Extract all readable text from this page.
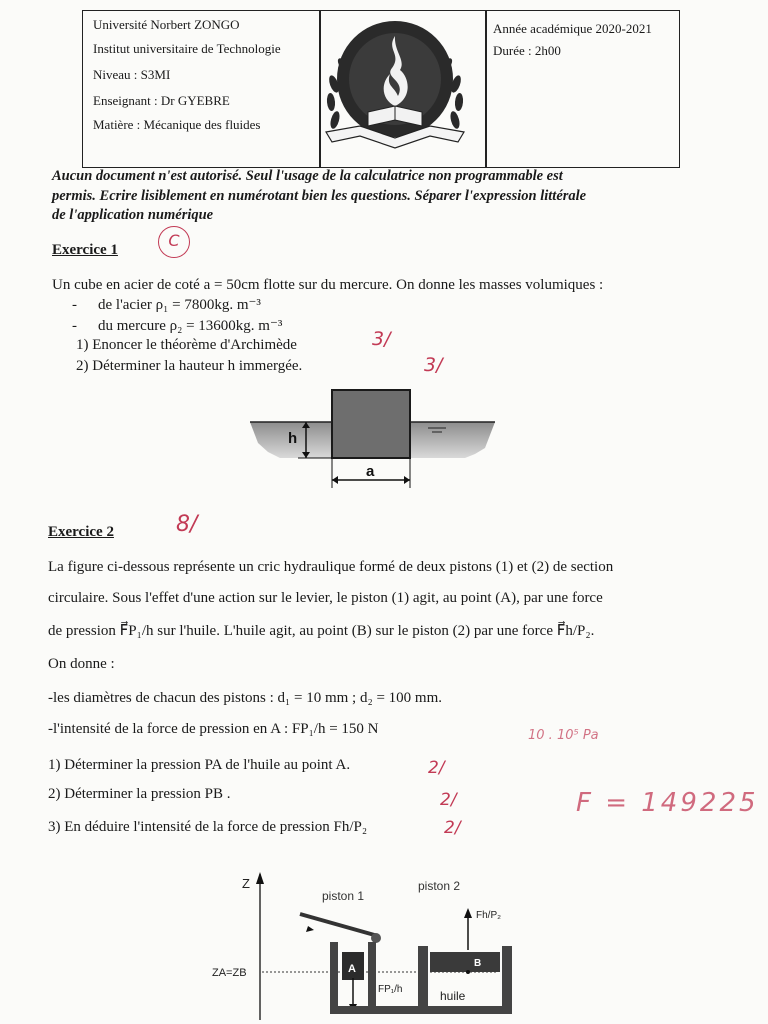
Université Norbert ZONGO
Institut universitaire de Technologie
Niveau : S3MI
Enseignant : Dr GYEBRE
Matière : Mécanique des fluides
Année académique 2020-2021
Durée : 2h00
Aucun document n'est autorisé. Seul l'usage de la calculatrice non programmable est
permis. Ecrire lisiblement en numérotant bien les questions. Séparer l'expression littérale
de l'application numérique
Exercice 1	C
Un cube en acier de coté a = 50cm flotte sur du mercure. On donne les masses volumiques :
- de l'acier ρ₁ = 7800kg. m⁻³
- du mercure ρ₂ = 13600kg. m⁻³
1) Enoncer le théorème d'Archimède
2) Déterminer la hauteur h immergée.
3/
3/
h
a
Exercice 2	8/
La figure ci-dessous représente un cric hydraulique formé de deux pistons (1) et (2) de section
circulaire. Sous l'effet d'une action sur le levier, le piston (1) agit, au point (A), par une force
de pression F⃗P₁/h sur l'huile. L'huile agit, au point (B) sur le piston (2) par une force F⃗h/P₂.
On donne :
-les diamètres de chacun des pistons : d₁ = 10 mm ; d₂ = 100 mm.
-l'intensité de la force de pression en A : FP₁/h = 150 N	10 . 10⁵ Pa
1) Déterminer la pression PA de l'huile au point A.
2) Déterminer la pression PB .
3) En déduire l'intensité de la force de pression Fh/P₂
2/
2/
2/
F = 149225
Z
ZA=ZB
piston 1
piston 2
A
FP₁/h
B
Fh/P₂
huile
